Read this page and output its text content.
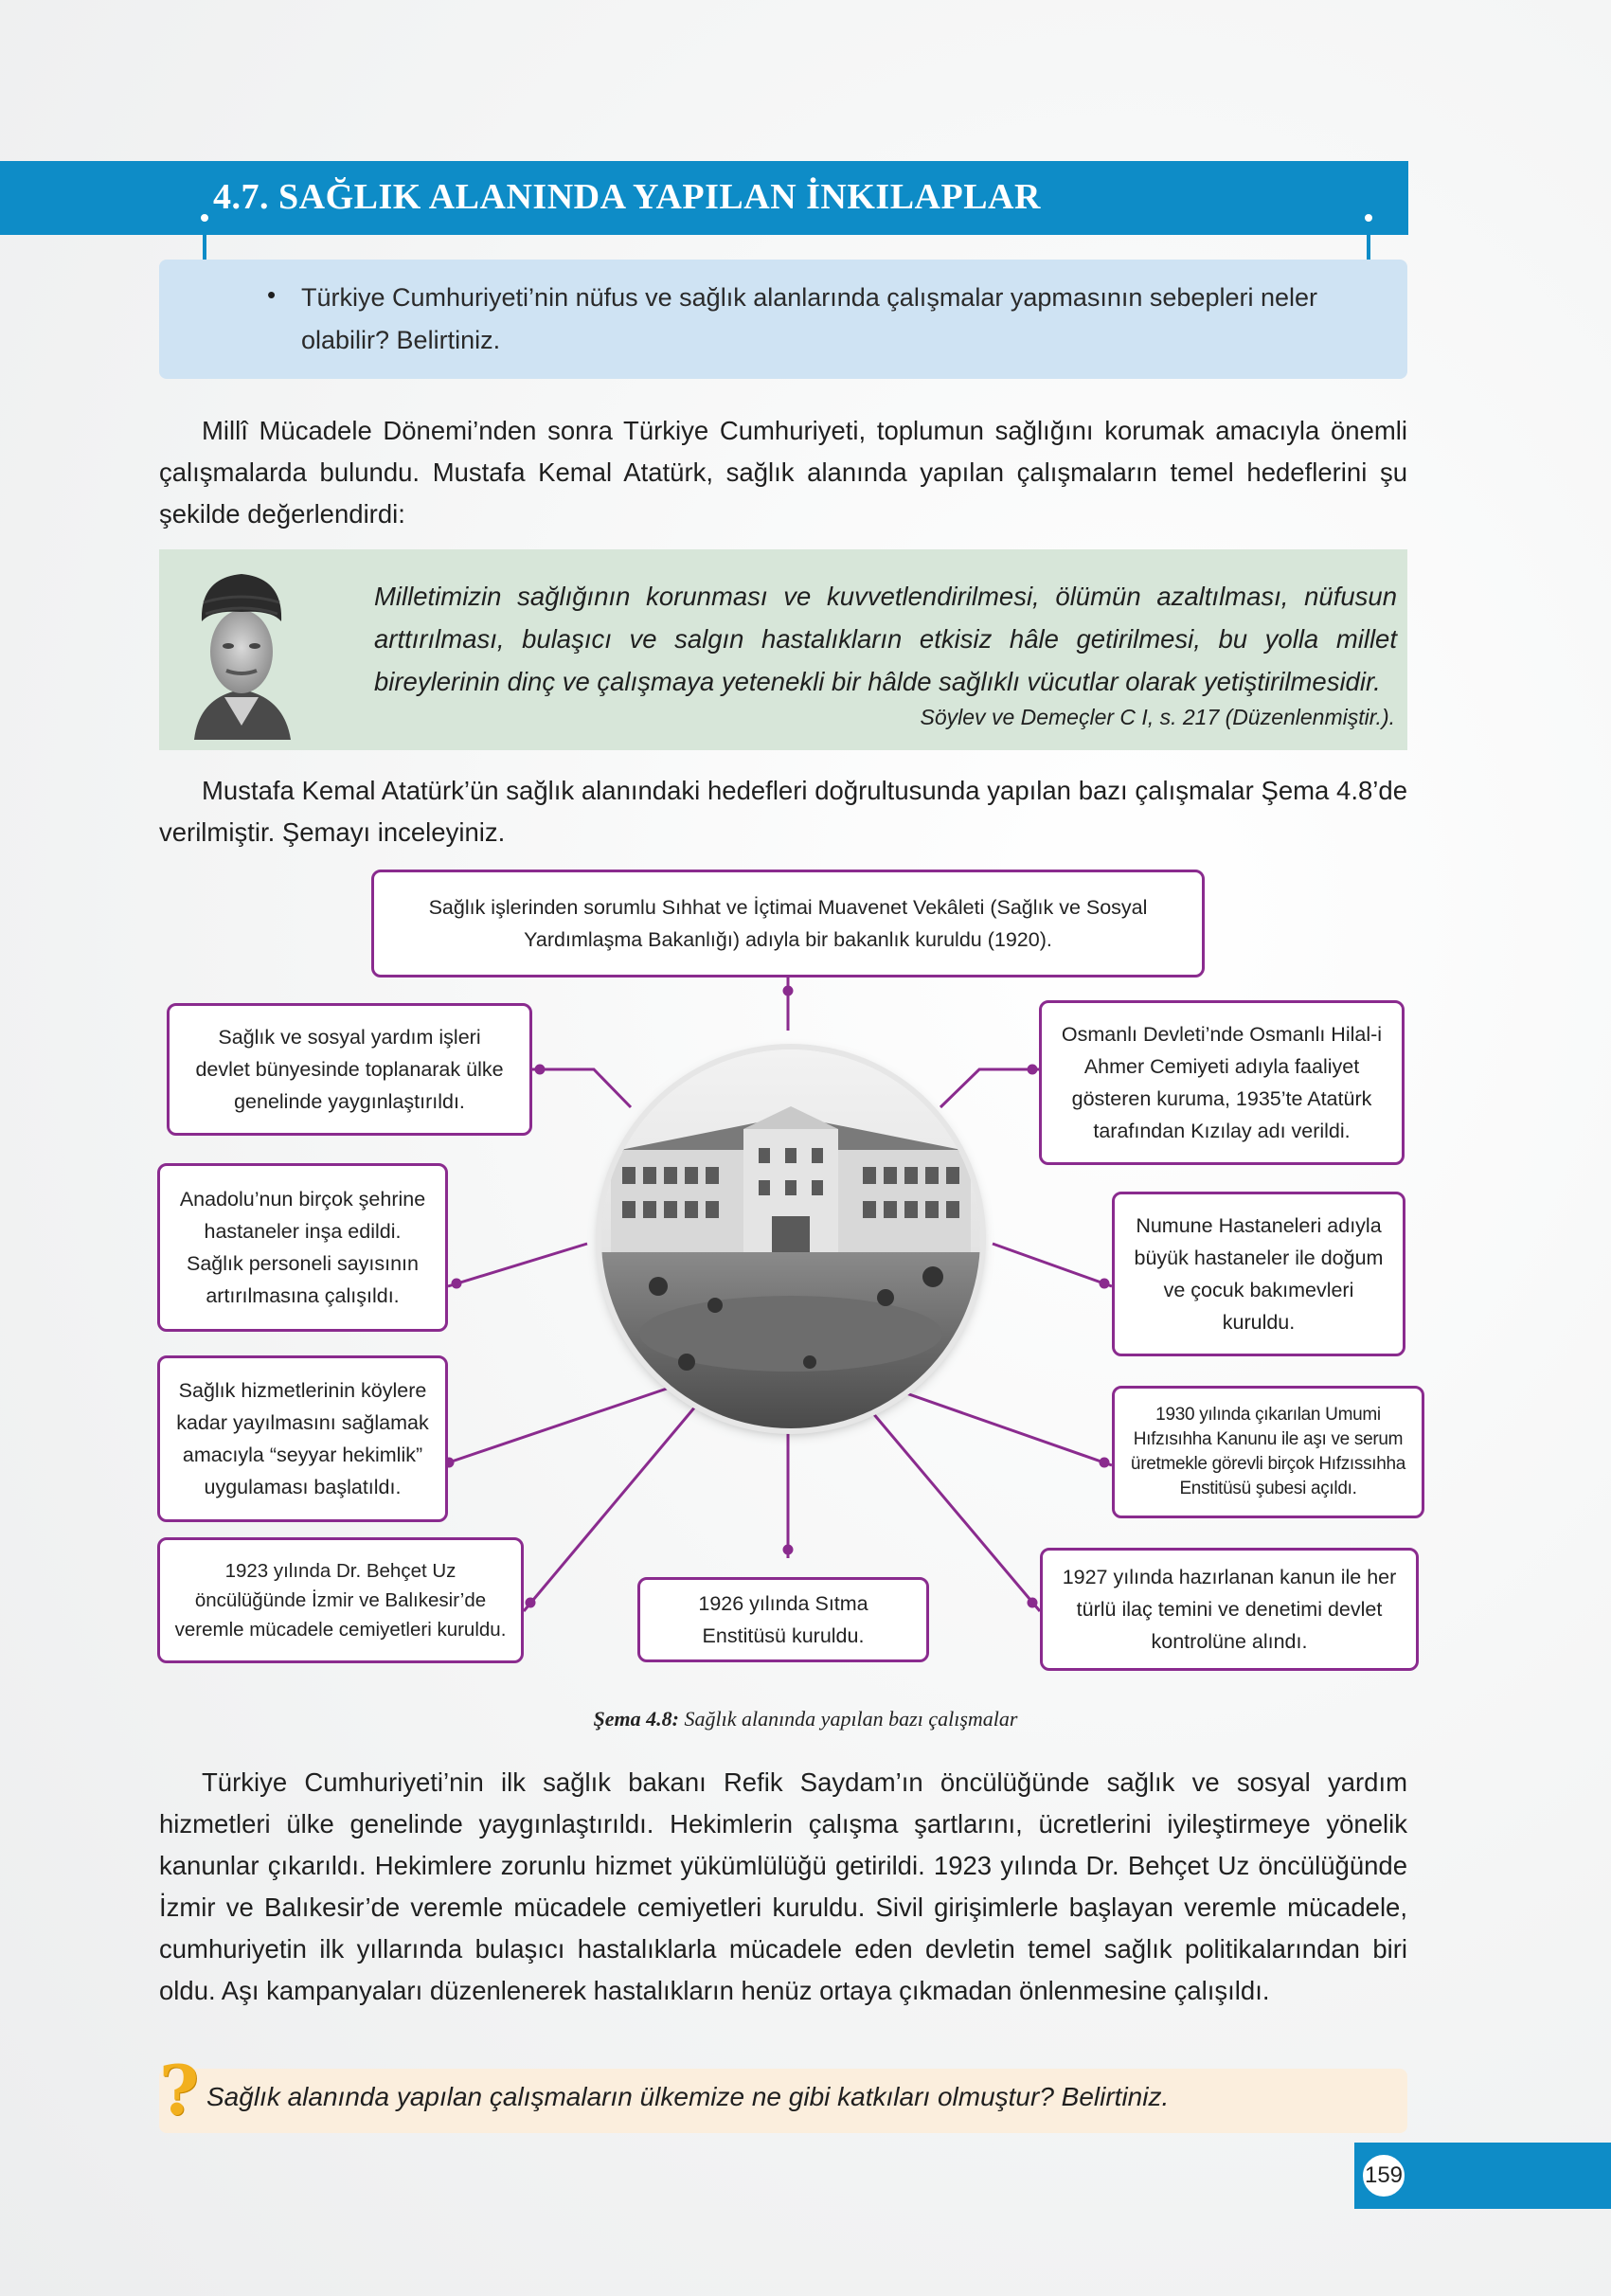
4.7. SAĞLIK ALANINDA YAPILAN İNKILAPLAR
• Türkiye Cumhuriyeti’nin nüfus ve sağlık alanlarında çalışmalar yapmasının sebepleri neler olabilir? Belirtiniz.
Millî Mücadele Dönemi’nden sonra Türkiye Cumhuriyeti, toplumun sağlığını korumak amacıyla önemli çalışmalarda bulundu. Mustafa Kemal Atatürk, sağlık alanında yapılan çalışmaların temel hedeflerini şu şekilde değerlendirdi:
Milletimizin sağlığının korunması ve kuvvetlendirilmesi, ölümün azaltılması, nüfusun arttırılması, bulaşıcı ve salgın hastalıkların etkisiz hâle getirilmesi, bu yolla millet bireylerinin dinç ve çalışmaya yetenekli bir hâlde sağlıklı vücutlar olarak yetiştirilmesidir.
Söylev ve Demeçler C I, s. 217 (Düzenlenmiştir.).
Mustafa Kemal Atatürk’ün sağlık alanındaki hedefleri doğrultusunda yapılan bazı çalışmalar Şema 4.8’de verilmiştir. Şemayı inceleyiniz.
Sağlık işlerinden sorumlu Sıhhat ve İçtimai Muavenet Vekâleti (Sağlık ve Sosyal Yardımlaşma Bakanlığı) adıyla bir bakanlık kuruldu (1920).
Sağlık ve sosyal yardım işleri devlet bünyesinde toplanarak ülke genelinde yaygınlaştırıldı.
Osmanlı Devleti’nde Osmanlı Hilal-i Ahmer Cemiyeti adıyla faaliyet gösteren kuruma, 1935’te Atatürk tarafından Kızılay adı verildi.
Anadolu’nun birçok şehrine hastaneler inşa edildi. Sağlık personeli sayısının artırılmasına çalışıldı.
Numune Hastaneleri adıyla büyük hastaneler ile doğum ve çocuk bakımevleri kuruldu.
Sağlık hizmetlerinin köylere kadar yayılmasını sağlamak amacıyla “seyyar hekimlik” uygulaması başlatıldı.
1930 yılında çıkarılan Umumi Hıfzısıhha Kanunu ile aşı ve serum üretmekle görevli birçok Hıfzıssıhha Enstitüsü şubesi açıldı.
1923 yılında Dr. Behçet Uz öncülüğünde İzmir ve Balıkesir’de veremle mücadele cemiyetleri kuruldu.
1926 yılında Sıtma Enstitüsü kuruldu.
1927 yılında hazırlanan kanun ile her türlü ilaç temini ve denetimi devlet kontrolüne alındı.
Şema 4.8: Sağlık alanında yapılan bazı çalışmalar
Türkiye Cumhuriyeti’nin ilk sağlık bakanı Refik Saydam’ın öncülüğünde sağlık ve sosyal yardım hizmetleri ülke genelinde yaygınlaştırıldı. Hekimlerin çalışma şartlarını, ücretlerini iyileştirmeye yönelik kanunlar çıkarıldı. Hekimlere zorunlu hizmet yükümlülüğü getirildi. 1923 yılında Dr. Behçet Uz öncülüğünde İzmir ve Balıkesir’de veremle mücadele cemiyetleri kuruldu. Sivil girişimlerle başlayan veremle mücadele, cumhuriyetin ilk yıllarında bulaşıcı hastalıklarla mücadele eden devletin temel sağlık politikalarından biri oldu. Aşı kampanyaları düzenlenerek hastalıkların henüz ortaya çıkmadan önlenmesine çalışıldı.
? Sağlık alanında yapılan çalışmaların ülkemize ne gibi katkıları olmuştur? Belirtiniz.
159
